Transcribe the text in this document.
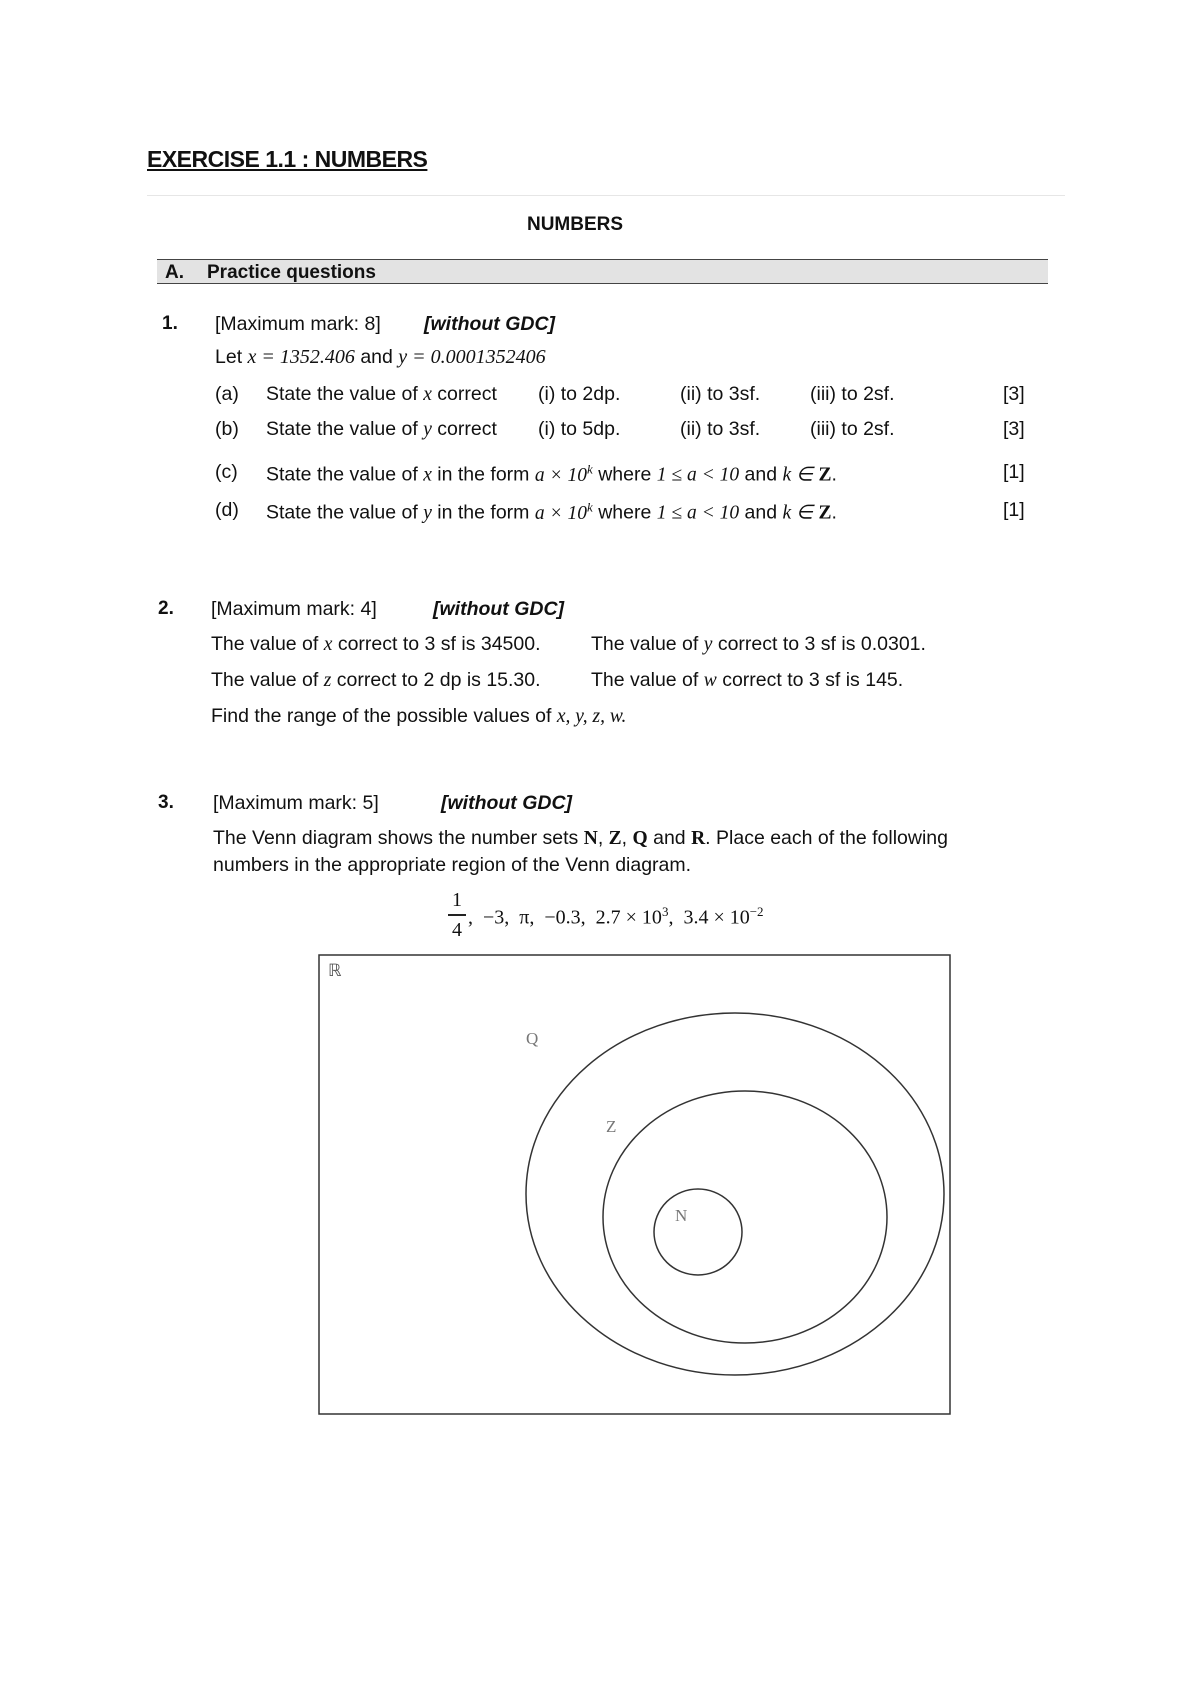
EXERCISE 1.1 : NUMBERS
NUMBERS
A. Practice questions
1. [Maximum mark: 8] [without GDC]
Let x = 1352.406 and y = 0.0001352406
(a) State the value of x correct (i) to 2dp.	(ii) to 3sf.	(iii) to 2sf.	[3]
(b) State the value of y correct (i) to 5dp.	(ii) to 3sf.	(iii) to 2sf.	[3]
(c) State the value of x in the form $a \times 10^k$ where 1 ≤ a < 10 and k ∈ Z.	[1]
(d) State the value of y in the form $a \times 10^k$ where 1 ≤ a < 10 and k ∈ Z.	[1]
2. [Maximum mark: 4]	[without GDC]
The value of x correct to 3 sf is 34500.	The value of y correct to 3 sf is 0.0301.
The value of z correct to 2 dp is 15.30.	The value of w correct to 3 sf is 145.
Find the range of the possible values of x, y, z, w.
3. [Maximum mark: 5]	[without GDC]
The Venn diagram shows the number sets N, Z, Q and R. Place each of the following
numbers in the appropriate region of the Venn diagram.
1
4
,  −3,  π,  −0.3,  $2.7 \times 10^3$,  $3.4 \times 10^{-2}$
ℝ
Q
Z
N
